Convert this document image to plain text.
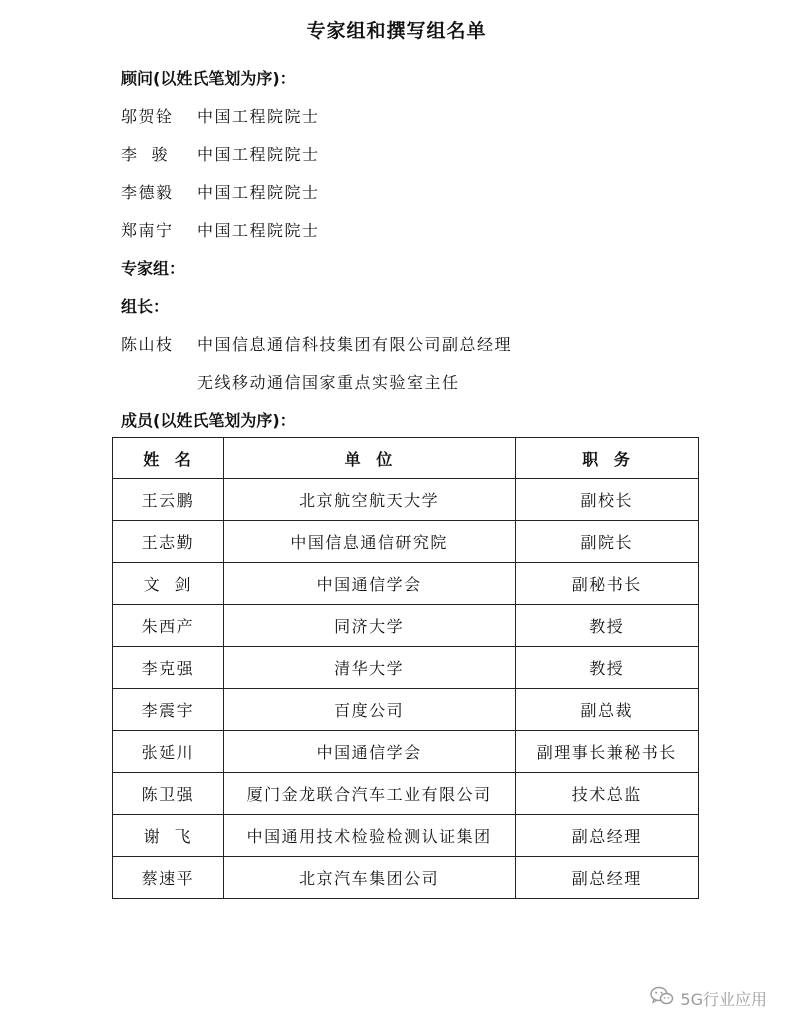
专家组和撰写组名单
顾问(以姓氏笔划为序)：
邬贺铨 中国工程院院士
李  骏 中国工程院院士
李德毅 中国工程院院士
郑南宁 中国工程院院士
专家组：
组长：
陈山枝 中国信息通信科技集团有限公司副总经理
无线移动通信国家重点实验室主任
成员(以姓氏笔划为序)：
姓  名	单  位	职  务
王云鹏	北京航空航天大学	副校长
王志勤	中国信息通信研究院	副院长
文  剑	中国通信学会	副秘书长
朱西产	同济大学	教授
李克强	清华大学	教授
李震宇	百度公司	副总裁
张延川	中国通信学会	副理事长兼秘书长
陈卫强	厦门金龙联合汽车工业有限公司	技术总监
谢  飞	中国通用技术检验检测认证集团	副总经理
蔡速平	北京汽车集团公司	副总经理
5G行业应用
